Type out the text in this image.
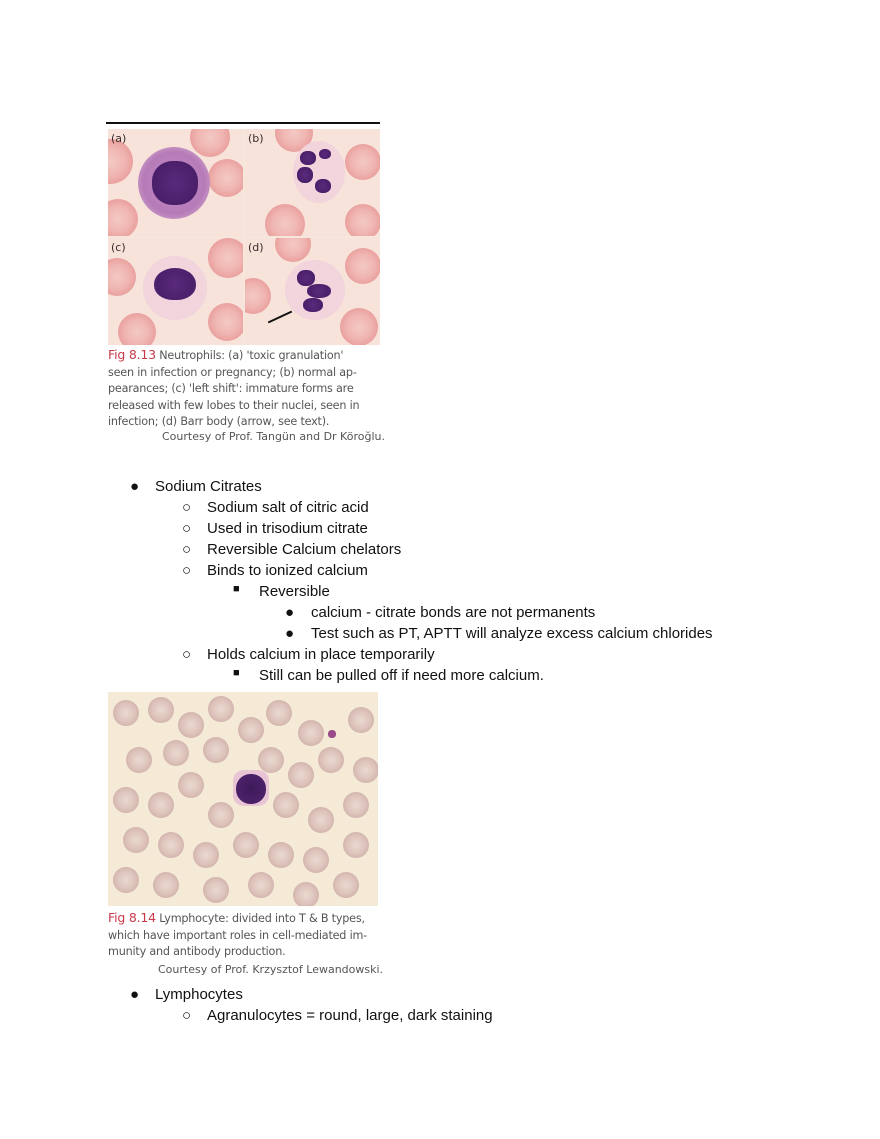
(a)	(b)
(c)	(d)
Fig 8.13 Neutrophils: (a) 'toxic granulation'
seen in infection or pregnancy; (b) normal ap-
pearances; (c) 'left shift': immature forms are
released with few lobes to their nuclei, seen in
infection; (d) Barr body (arrow, see text).
Courtesy of Prof. Tangün and Dr Köroğlu.
● Sodium Citrates
○ Sodium salt of citric acid
○ Used in trisodium citrate
○ Reversible Calcium chelators
○ Binds to ionized calcium
■ Reversible
● calcium - citrate bonds are not permanents
● Test such as PT, APTT will analyze excess calcium chlorides
○ Holds calcium in place temporarily
■ Still can be pulled off if need more calcium.
Fig 8.14 Lymphocyte: divided into T & B types,
which have important roles in cell-mediated im-
munity and antibody production.
Courtesy of Prof. Krzysztof Lewandowski.
● Lymphocytes
○ Agranulocytes = round, large, dark staining
